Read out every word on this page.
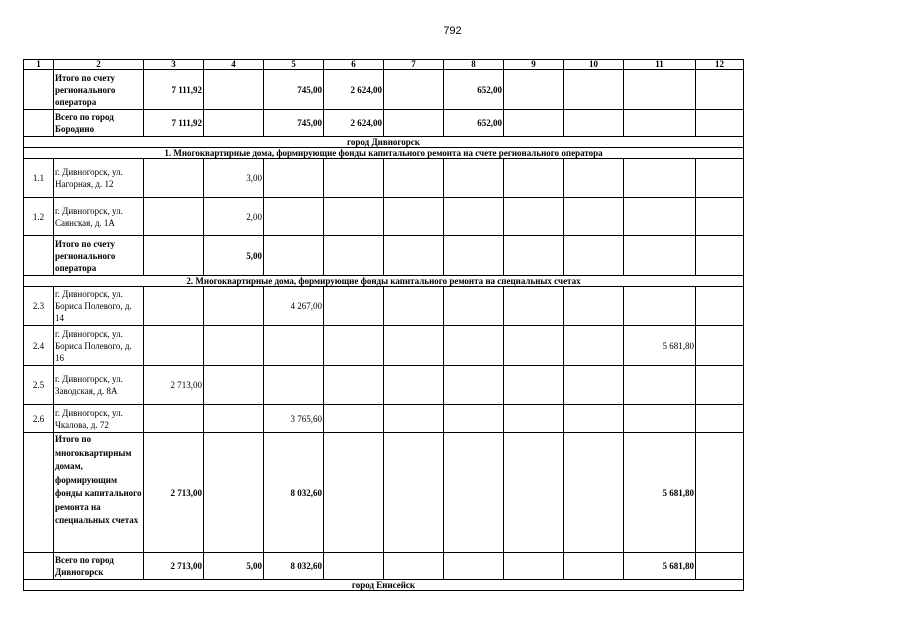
792
1	2	3	4	5	6	7	8	9	10	11	12
	Итого по счету регионального оператора	7 111,92		745,00	2 624,00		652,00				
	Всего по город Бородино	7 111,92		745,00	2 624,00		652,00				
город Дивногорск											
1. Многоквартирные дома, формирующие фонды капитального ремонта на счете регионального оператора											
1.1	г. Дивногорск, ул. Нагорная, д. 12		3,00								
1.2	г. Дивногорск, ул. Саянская, д. 1А		2,00								
	Итого по счету регионального оператора		5,00								
2. Многоквартирные дома, формирующие фонды капитального ремонта на специальных счетах											
2.3	г. Дивногорск, ул. Бориса Полевого, д. 14			4 267,00							
2.4	г. Дивногорск, ул. Бориса Полевого, д. 16									5 681,80	
2.5	г. Дивногорск, ул. Заводская, д. 8А	2 713,00									
2.6	г. Дивногорск, ул. Чкалова, д. 72			3 765,60							
	Итого по многоквартирным домам, формирующим фонды капитального ремонта на специальных счетах	2 713,00		8 032,60						5 681,80	
	Всего по город Дивногорск	2 713,00	5,00	8 032,60						5 681,80	
город Енисейск											
